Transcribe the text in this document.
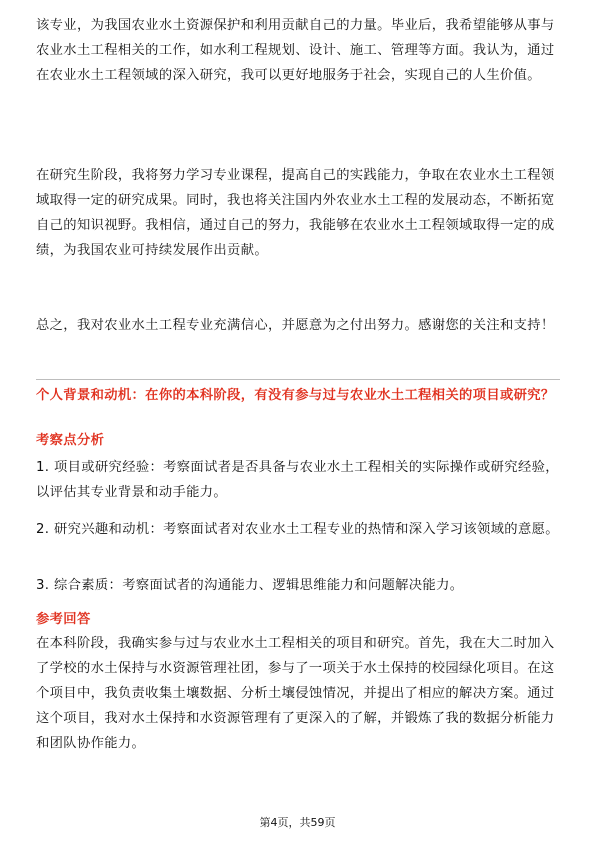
该专业，为我国农业水土资源保护和利用贡献自己的力量。毕业后，我希望能够从事与农业水土工程相关的工作，如水利工程规划、设计、施工、管理等方面。我认为，通过在农业水土工程领域的深入研究，我可以更好地服务于社会，实现自己的人生价值。

在研究生阶段，我将努力学习专业课程，提高自己的实践能力，争取在农业水土工程领域取得一定的研究成果。同时，我也将关注国内外农业水土工程的发展动态，不断拓宽自己的知识视野。我相信，通过自己的努力，我能够在农业水土工程领域取得一定的成绩，为我国农业可持续发展作出贡献。

总之，我对农业水土工程专业充满信心，并愿意为之付出努力。感谢您的关注和支持！

个人背景和动机：在你的本科阶段，有没有参与过与农业水土工程相关的项目或研究？

考察点分析

1. 项目或研究经验：考察面试者是否具备与农业水土工程相关的实际操作或研究经验，以评估其专业背景和动手能力。

2. 研究兴趣和动机：考察面试者对农业水土工程专业的热情和深入学习该领域的意愿。

3. 综合素质：考察面试者的沟通能力、逻辑思维能力和问题解决能力。

参考回答

在本科阶段，我确实参与过与农业水土工程相关的项目和研究。首先，我在大二时加入了学校的水土保持与水资源管理社团，参与了一项关于水土保持的校园绿化项目。在这个项目中，我负责收集土壤数据、分析土壤侵蚀情况，并提出了相应的解决方案。通过这个项目，我对水土保持和水资源管理有了更深入的了解，并锻炼了我的数据分析能力和团队协作能力。

第4页，共59页
